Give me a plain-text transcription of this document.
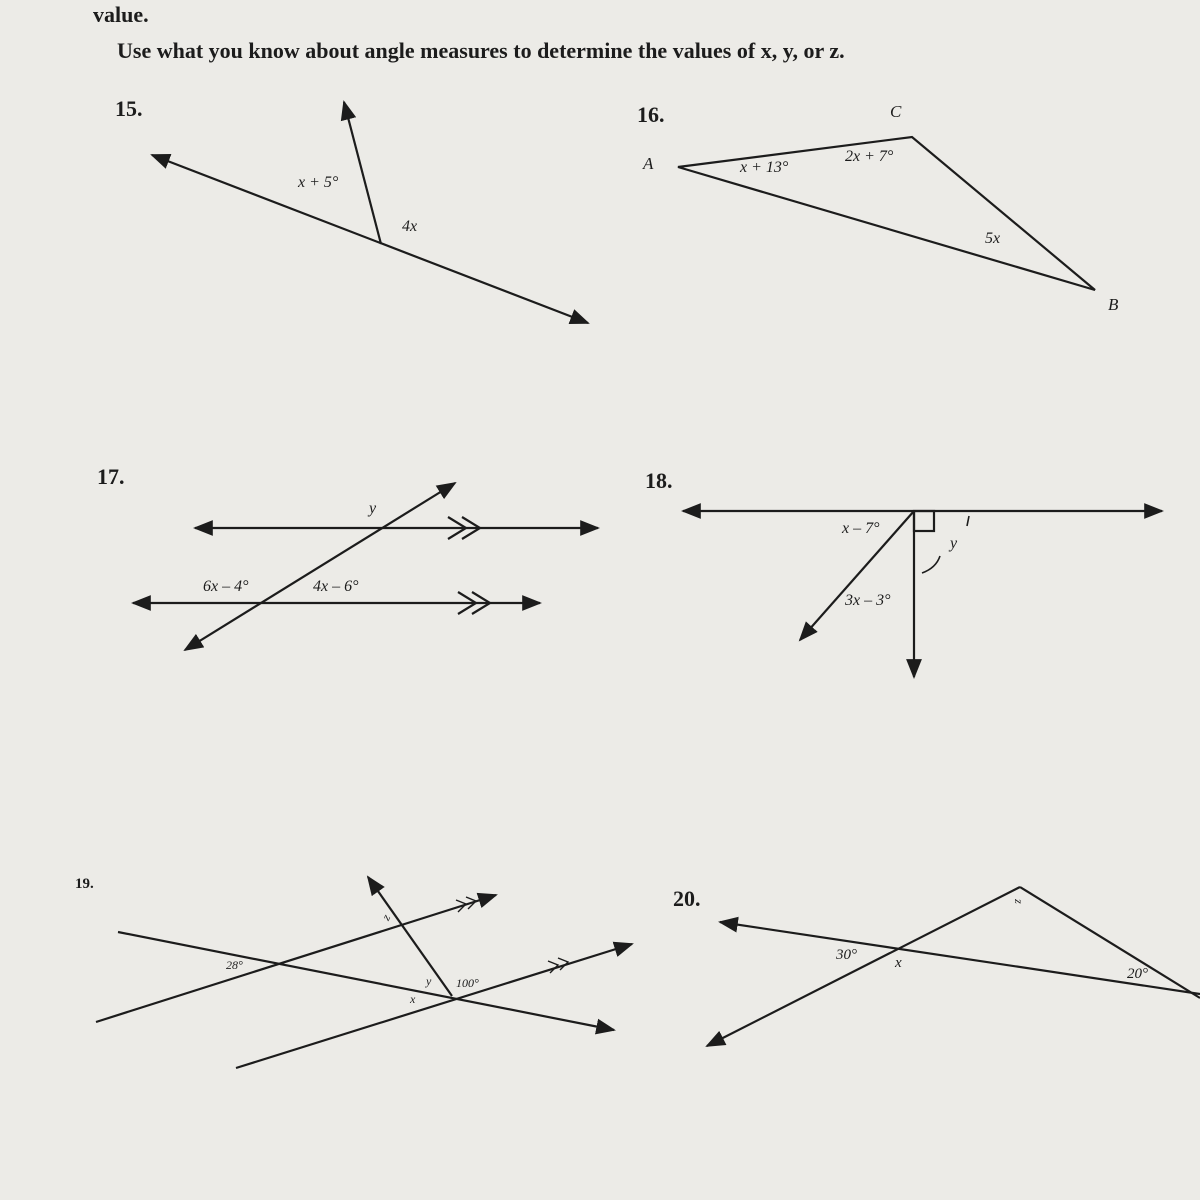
value.
Use what you know about angle measures to determine the values of x, y, or z.
15.	16.
17.	18.
19.
20.
x + 5°
4x
A
C
B
x + 13°
2x + 7°
5x
y
6x – 4°	4x – 6°
x – 7°
y
3x – 3°
28°
z
y 100°
x
z
30°	x
20°
